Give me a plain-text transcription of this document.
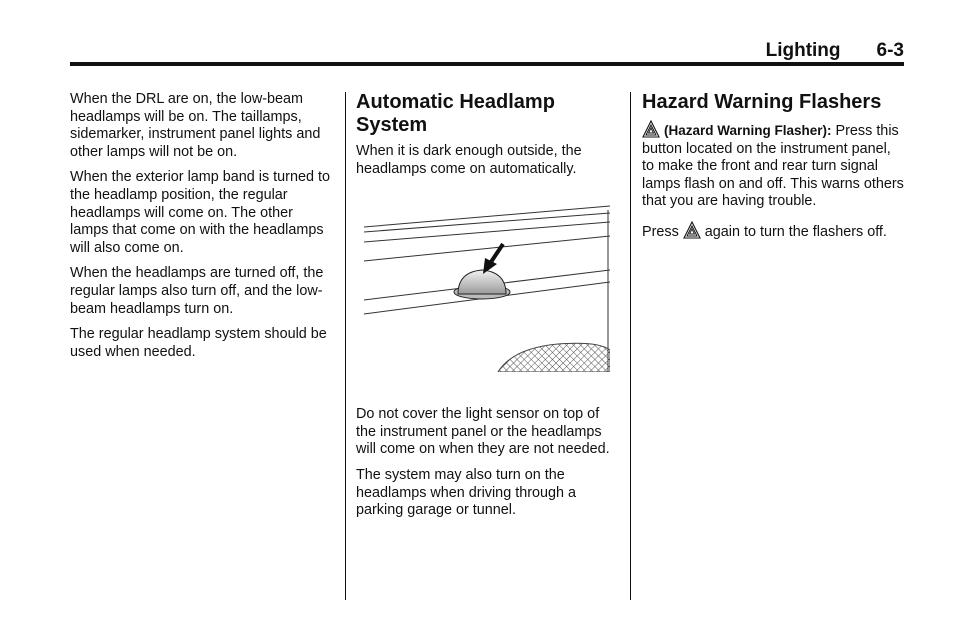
Lighting 6-3

When the DRL are on, the low-beam headlamps will be on. The taillamps, sidemarker, instrument panel lights and other lamps will not be on.

When the exterior lamp band is turned to the headlamp position, the regular headlamps will come on. The other lamps that come on with the headlamps will also come on.

When the headlamps are turned off, the regular lamps also turn off, and the low-beam headlamps turn on.

The regular headlamp system should be used when needed.

Automatic Headlamp System

When it is dark enough outside, the headlamps come on automatically.

Do not cover the light sensor on top of the instrument panel or the headlamps will come on when they are not needed.

The system may also turn on the headlamps when driving through a parking garage or tunnel.

Hazard Warning Flashers

(Hazard Warning Flasher): Press this button located on the instrument panel, to make the front and rear turn signal lamps flash on and off. This warns others that you are having trouble.

Press again to turn the flashers off.
